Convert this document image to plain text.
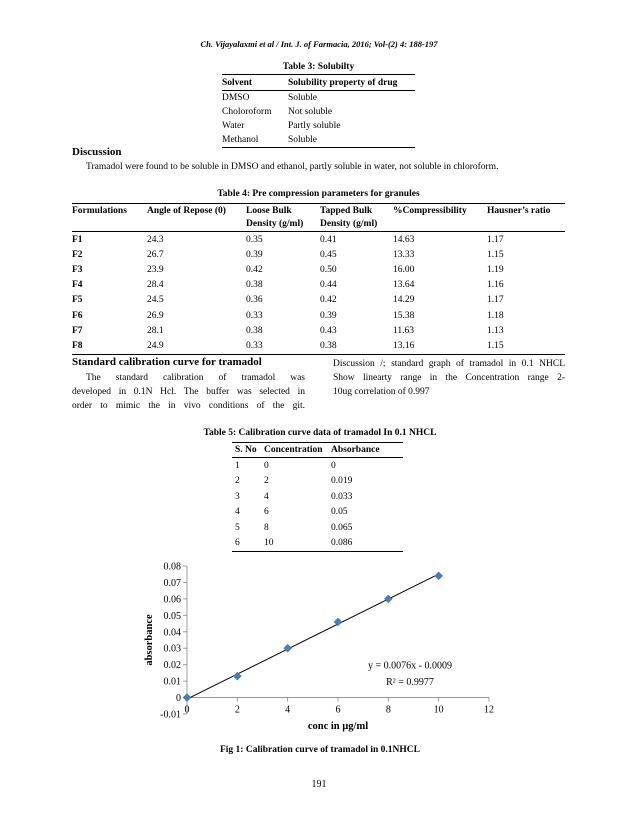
Ch. Vijayalaxmi et al / Int. J. of Farmacia, 2016; Vol-(2) 4: 188-197
Table 3: Solubilty
Solvent	Solubility property of drug
DMSO	Soluble
Choloroform	Not soluble
Water	Partly soluble
Methanol	Soluble
Discussion
Tramadol were found to be soluble in DMSO and ethanol, partly soluble in water, not soluble in chloroform.
Table 4: Pre compression parameters for granules
Formulations	Angle of Repose (0)	Loose Bulk	Tapped Bulk	%Compressibility	Hausner’s ratio
		Density (g/ml)	Density (g/ml)		
F1	24.3	0.35	0.41	14.63	1.17
F2	26.7	0.39	0.45	13.33	1.15
F3	23.9	0.42	0.50	16.00	1.19
F4	28.4	0.38	0.44	13.64	1.16
F5	24.5	0.36	0.42	14.29	1.17
F6	26.9	0.33	0.39	15.38	1.18
F7	28.1	0.38	0.43	11.63	1.13
F8	24.9	0.33	0.38	13.16	1.15
Standard calibration curve for tramadol
The standard calibration of tramadol was
developed in 0.1N Hcl. The buffer was selected in
order to mimic the in vivo conditions of the git.
Discussion /; standard graph of tramadol in 0.1 NHCL
Show linearty range in the Concentration range 2-
10ug correlation of 0.997
Table 5: Calibration curve data of tramadol In 0.1 NHCL
S. No	Concentration	Absorbance
1	0	0
2	2	0.019
3	4	0.033
4	6	0.05
5	8	0.065
6	10	0.086
-0.01
0
0.01
0.02
0.03
0.04
0.05
0.06
0.07
0.08
0	2	4	6	8	10	12
y = 0.0076x - 0.0009
R² = 0.9977
conc in µg/ml
absorbance
Fig 1: Calibration curve of tramadol in 0.1NHCL
191
